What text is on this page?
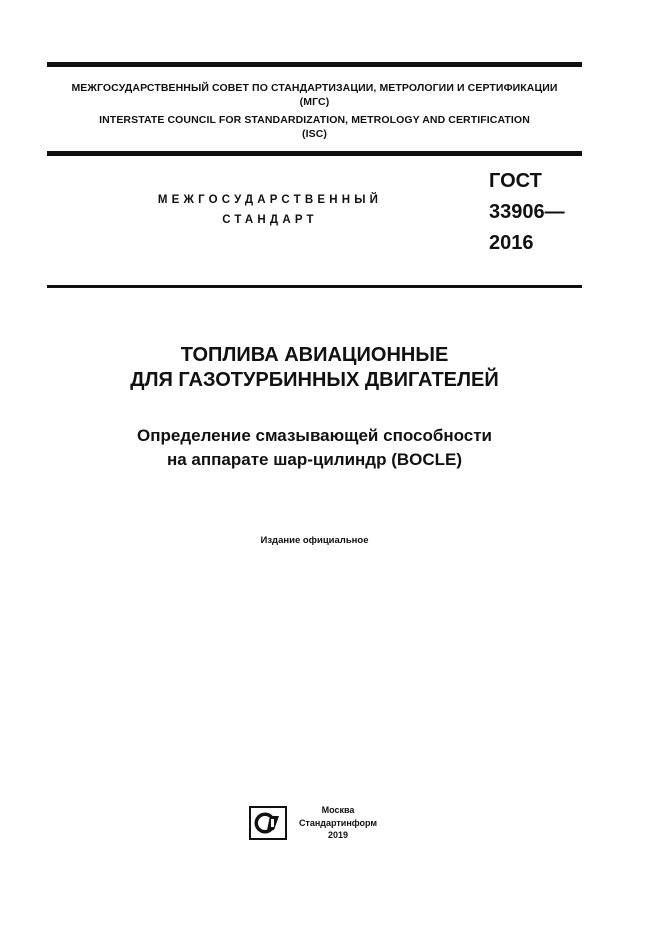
МЕЖГОСУДАРСТВЕННЫЙ СОВЕТ ПО СТАНДАРТИЗАЦИИ, МЕТРОЛОГИИ И СЕРТИФИКАЦИИ

(МГС)

INTERSTATE COUNCIL FOR STANDARDIZATION, METROLOGY AND CERTIFICATION

(ISC)

МЕЖГОСУДАРСТВЕННЫЙ
СТАНДАРТ
ГОСТ
33906—
2016

ТОПЛИВА АВИАЦИОННЫЕ

ДЛЯ ГАЗОТУРБИННЫХ ДВИГАТЕЛЕЙ

Определение смазывающей способности

на аппарате шар-цилиндр (BOCLE)

Издание официальное

Москва
Стандартинформ
2019
